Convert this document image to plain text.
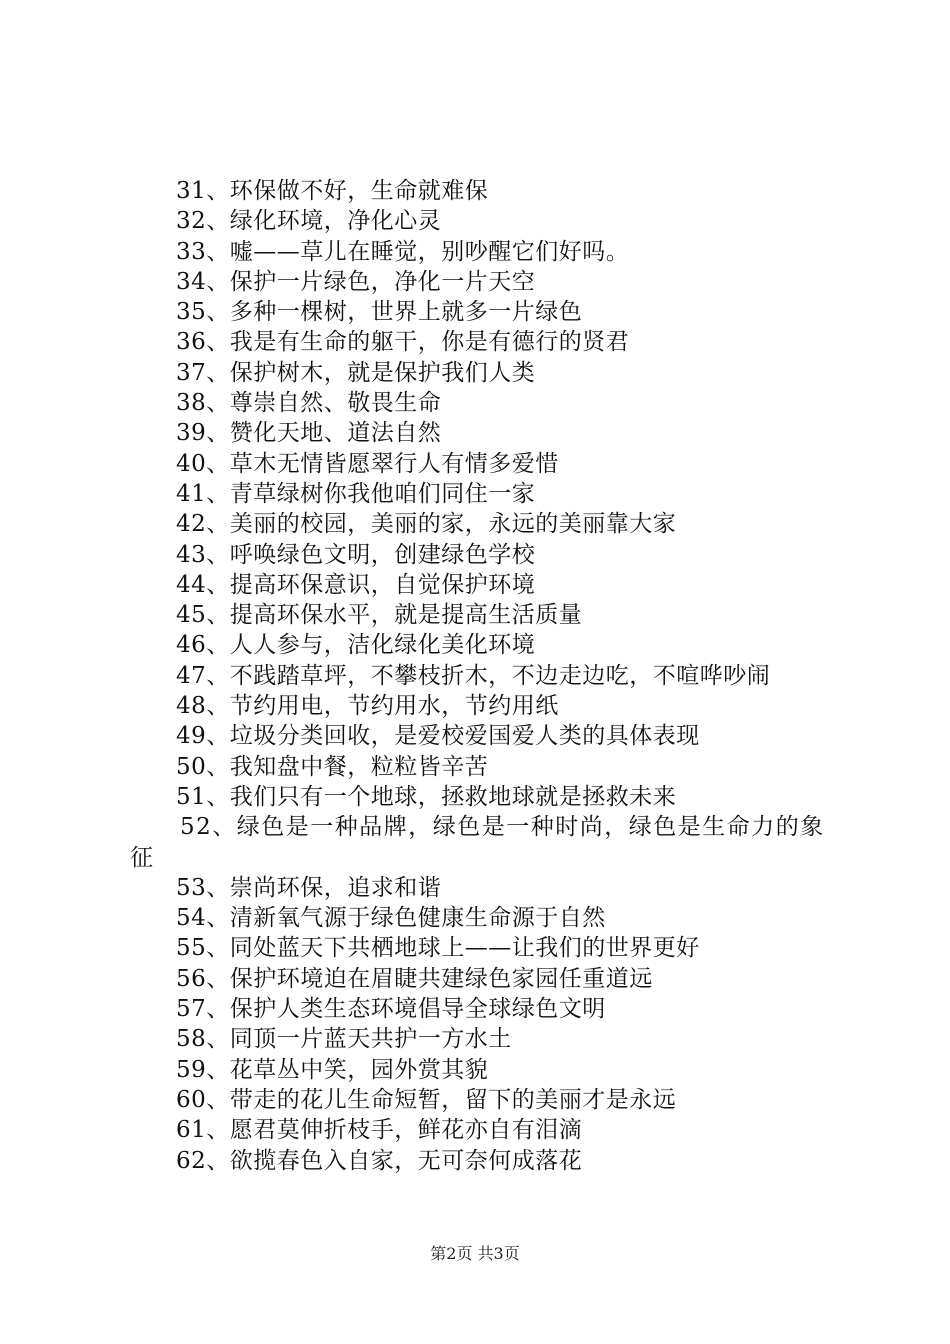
31、环保做不好，生命就难保
32、绿化环境，净化心灵
33、嘘——草儿在睡觉，别吵醒它们好吗。
34、保护一片绿色，净化一片天空
35、多种一棵树，世界上就多一片绿色
36、我是有生命的躯干，你是有德行的贤君
37、保护树木，就是保护我们人类
38、尊崇自然、敬畏生命
39、赞化天地、道法自然
40、草木无情皆愿翠行人有情多爱惜
41、青草绿树你我他咱们同住一家
42、美丽的校园，美丽的家，永远的美丽靠大家
43、呼唤绿色文明，创建绿色学校
44、提高环保意识，自觉保护环境
45、提高环保水平，就是提高生活质量
46、人人参与，洁化绿化美化环境
47、不践踏草坪，不攀枝折木，不边走边吃，不喧哗吵闹
48、节约用电，节约用水，节约用纸
49、垃圾分类回收，是爱校爱国爱人类的具体表现
50、我知盘中餐，粒粒皆辛苦
51、我们只有一个地球，拯救地球就是拯救未来
52、绿色是一种品牌，绿色是一种时尚，绿色是生命力的象征
53、崇尚环保，追求和谐
54、清新氧气源于绿色健康生命源于自然
55、同处蓝天下共栖地球上——让我们的世界更好
56、保护环境迫在眉睫共建绿色家园任重道远
57、保护人类生态环境倡导全球绿色文明
58、同顶一片蓝天共护一方水土
59、花草丛中笑，园外赏其貌
60、带走的花儿生命短暂，留下的美丽才是永远
61、愿君莫伸折枝手，鲜花亦自有泪滴
62、欲揽春色入自家，无可奈何成落花
第2页 共3页
